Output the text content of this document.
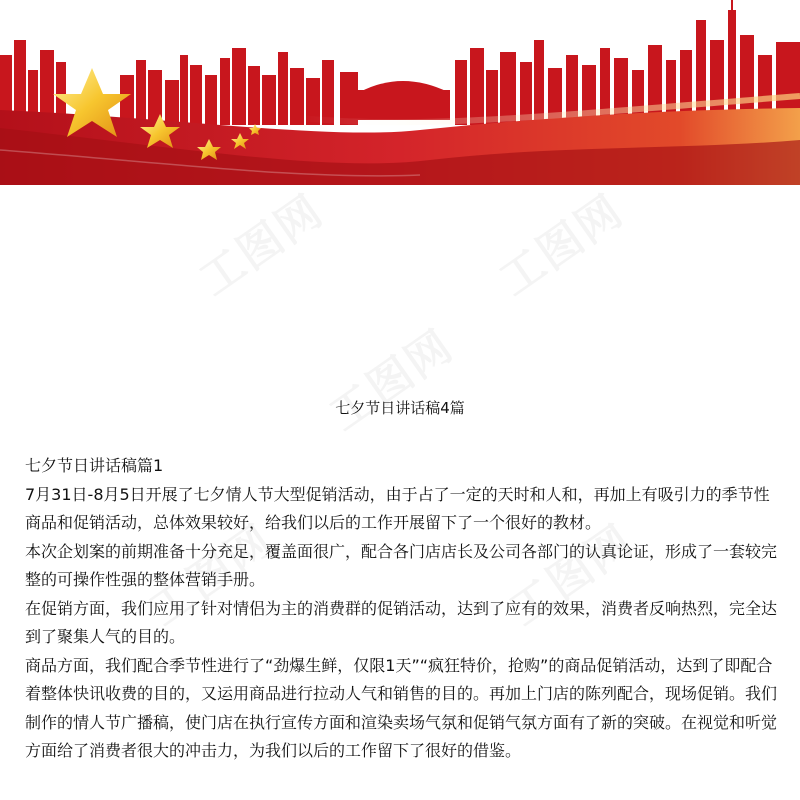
七夕节日讲话稿4篇

七夕节日讲话稿篇1

7月31日-8月5日开展了七夕情人节大型促销活动，由于占了一定的天时和人和，再加上有吸引力的季节性商品和促销活动，总体效果较好，给我们以后的工作开展留下了一个很好的教材。

本次企划案的前期准备十分充足，覆盖面很广，配合各门店店长及公司各部门的认真论证，形成了一套较完整的可操作性强的整体营销手册。

在促销方面，我们应用了针对情侣为主的消费群的促销活动，达到了应有的效果，消费者反响热烈，完全达到了聚集人气的目的。

商品方面，我们配合季节性进行了“劲爆生鲜，仅限1天”“疯狂特价，抢购”的商品促销活动，达到了即配合着整体快讯收费的目的，又运用商品进行拉动人气和销售的目的。再加上门店的陈列配合，现场促销。我们制作的情人节广播稿，使门店在执行宣传方面和渲染卖场气氛和促销气氛方面有了新的突破。在视觉和听觉方面给了消费者很大的冲击力，为我们以后的工作留下了很好的借鉴。
